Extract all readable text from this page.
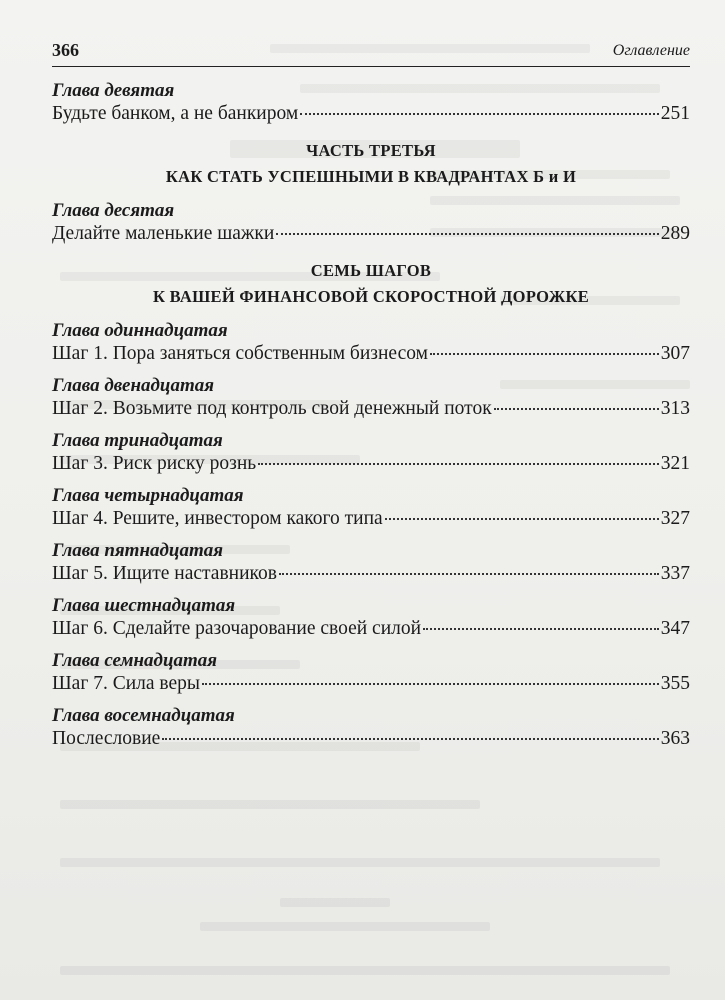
366	Оглавление

Глава девятая

Будьте банком, а не банкиром	251
ЧАСТЬ ТРЕТЬЯ
КАК СТАТЬ УСПЕШНЫМИ В КВАДРАНТАХ Б и И

Глава десятая

Делайте маленькие шажки	289
СЕМЬ ШАГОВ
К ВАШЕЙ ФИНАНСОВОЙ СКОРОСТНОЙ ДОРОЖКЕ

Глава одиннадцатая

Шаг 1. Пора заняться собственным бизнесом	307

Глава двенадцатая

Шаг 2. Возьмите под контроль свой денежный поток	313

Глава тринадцатая

Шаг 3. Риск риску рознь	321

Глава четырнадцатая

Шаг 4. Решите, инвестором какого типа	327

Глава пятнадцатая

Шаг 5. Ищите наставников	337

Глава шестнадцатая

Шаг 6. Сделайте разочарование своей силой	347

Глава семнадцатая

Шаг 7. Сила веры	355

Глава восемнадцатая

Послесловие	363
